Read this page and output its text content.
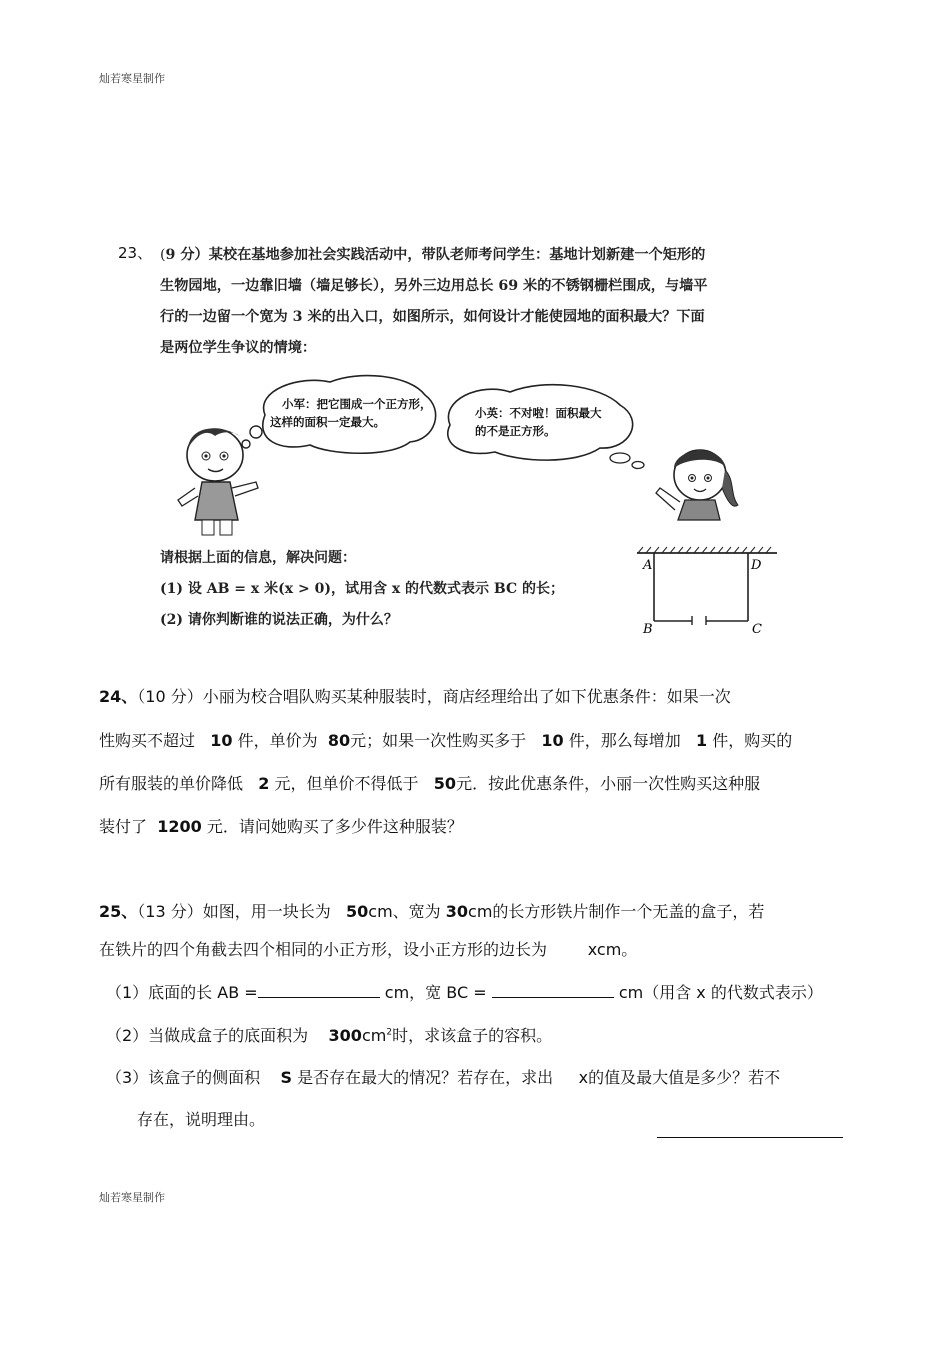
灿若寒星制作
23、 (9 分）某校在基地参加社会实践活动中，带队老师考问学生：基地计划新建一个矩形的
生物园地，一边靠旧墙（墙足够长），另外三边用总长 69 米的不锈钢栅栏围成，与墙平
行的一边留一个宽为 3 米的出入口，如图所示，如何设计才能使园地的面积最大？下面
是两位学生争议的情境：
小军：把它围成一个正方形，
这样的面积一定最大。
小英：不对啦！面积最大
的不是正方形。
请根据上面的信息，解决问题：
(1) 设 AB = x 米(x > 0)，试用含 x 的代数式表示 BC 的长；
(2) 请你判断谁的说法正确，为什么？
A	D
B	C
24、（10 分）小丽为校合唱队购买某种服装时，商店经理给出了如下优惠条件：如果一次
性购买不超过 10 件，单价为 80元；如果一次性购买多于 10 件，那么每增加 1 件，购买的
所有服装的单价降低 2 元，但单价不得低于 50元．按此优惠条件，小丽一次性购买这种服
装付了 1200 元．请问她购买了多少件这种服装？
25、（13 分）如图，用一块长为 50cm、宽为 30cm的长方形铁片制作一个无盖的盒子，若
在铁片的四个角截去四个相同的小正方形，设小正方形的边长为	xcm。
（1）底面的长 AB =	cm，宽 BC =	cm（用含 x 的代数式表示）
（2）当做成盒子的底面积为 $300cm^2$时，求该盒子的容积。
（3）该盒子的侧面积 S 是否存在最大的情况？若存在，求出 x的值及最大值是多少？若不
存在，说明理由。
灿若寒星制作
